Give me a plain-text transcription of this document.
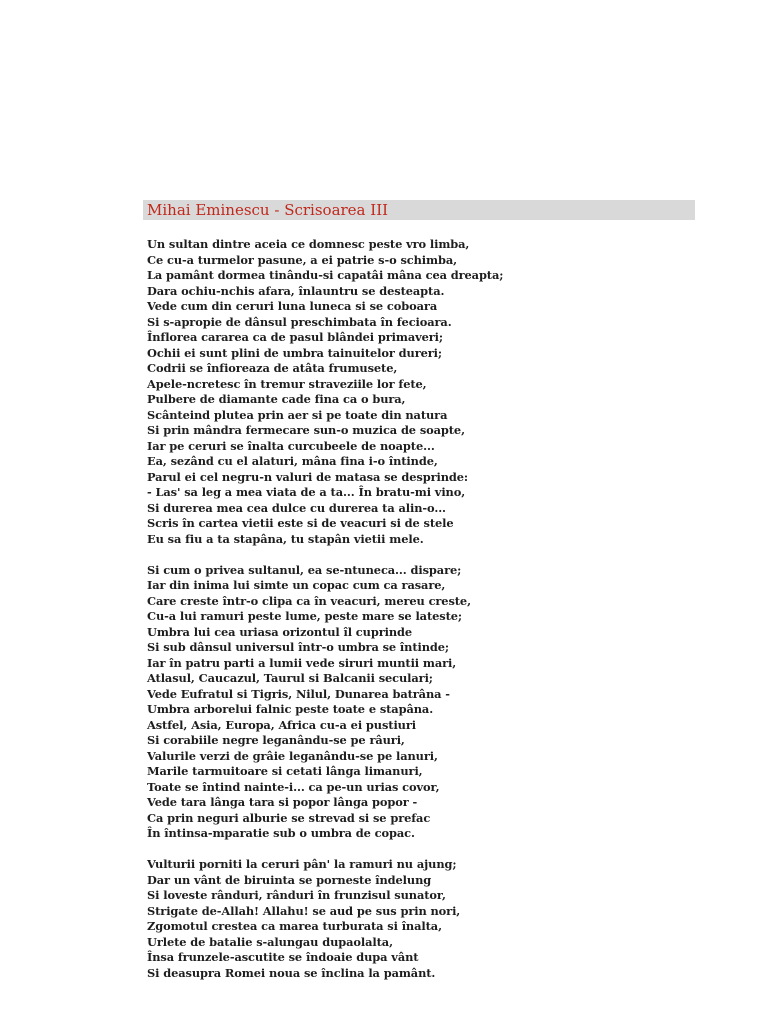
Mihai Eminescu - Scrisoarea III
Un sultan dintre aceia ce domnesc peste vro limba,
Ce cu-a turmelor pasune, a ei patrie s-o schimba,
La pamânt dormea tinându-si capatâi mâna cea dreapta;
Dara ochiu-nchis afara, înlauntru se desteapta.
Vede cum din ceruri luna luneca si se coboara
Si s-apropie de dânsul preschimbata în fecioara.
Înflorea cararea ca de pasul blândei primaveri;
Ochii ei sunt plini de umbra tainuitelor dureri;
Codrii se înfioreaza de atâta frumusete,
Apele-ncretesc în tremur straveziile lor fete,
Pulbere de diamante cade fina ca o bura,
Scânteind plutea prin aer si pe toate din natura
Si prin mândra fermecare sun-o muzica de soapte,
Iar pe ceruri se înalta curcubeele de noapte...
Ea, sezând cu el alaturi, mâna fina i-o întinde,
Parul ei cel negru-n valuri de matasa se desprinde:
- Las' sa leg a mea viata de a ta... În bratu-mi vino,
Si durerea mea cea dulce cu durerea ta alin-o...
Scris în cartea vietii este si de veacuri si de stele
Eu sa fiu a ta stapâna, tu stapân vietii mele.
Si cum o privea sultanul, ea se-ntuneca... dispare;
Iar din inima lui simte un copac cum ca rasare,
Care creste într-o clipa ca în veacuri, mereu creste,
Cu-a lui ramuri peste lume, peste mare se lateste;
Umbra lui cea uriasa orizontul îl cuprinde
Si sub dânsul universul într-o umbra se întinde;
Iar în patru parti a lumii vede siruri muntii mari,
Atlasul, Caucazul, Taurul si Balcanii seculari;
Vede Eufratul si Tigris, Nilul, Dunarea batrâna -
Umbra arborelui falnic peste toate e stapâna.
Astfel, Asia, Europa, Africa cu-a ei pustiuri
Si corabiile negre leganându-se pe râuri,
Valurile verzi de grâie leganându-se pe lanuri,
Marile tarmuitoare si cetati lânga limanuri,
Toate se întind nainte-i... ca pe-un urias covor,
Vede tara lânga tara si popor lânga popor -
Ca prin neguri alburie se strevad si se prefac
În întinsa-mparatie sub o umbra de copac.
Vulturii porniti la ceruri pân' la ramuri nu ajung;
Dar un vânt de biruinta se porneste îndelung
Si loveste rânduri, rânduri în frunzisul sunator,
Strigate de-Allah! Allahu! se aud pe sus prin nori,
Zgomotul crestea ca marea turburata si înalta,
Urlete de batalie s-alungau dupaolalta,
Însa frunzele-ascutite se îndoaie dupa vânt
Si deasupra Romei noua se înclina la pamânt.
